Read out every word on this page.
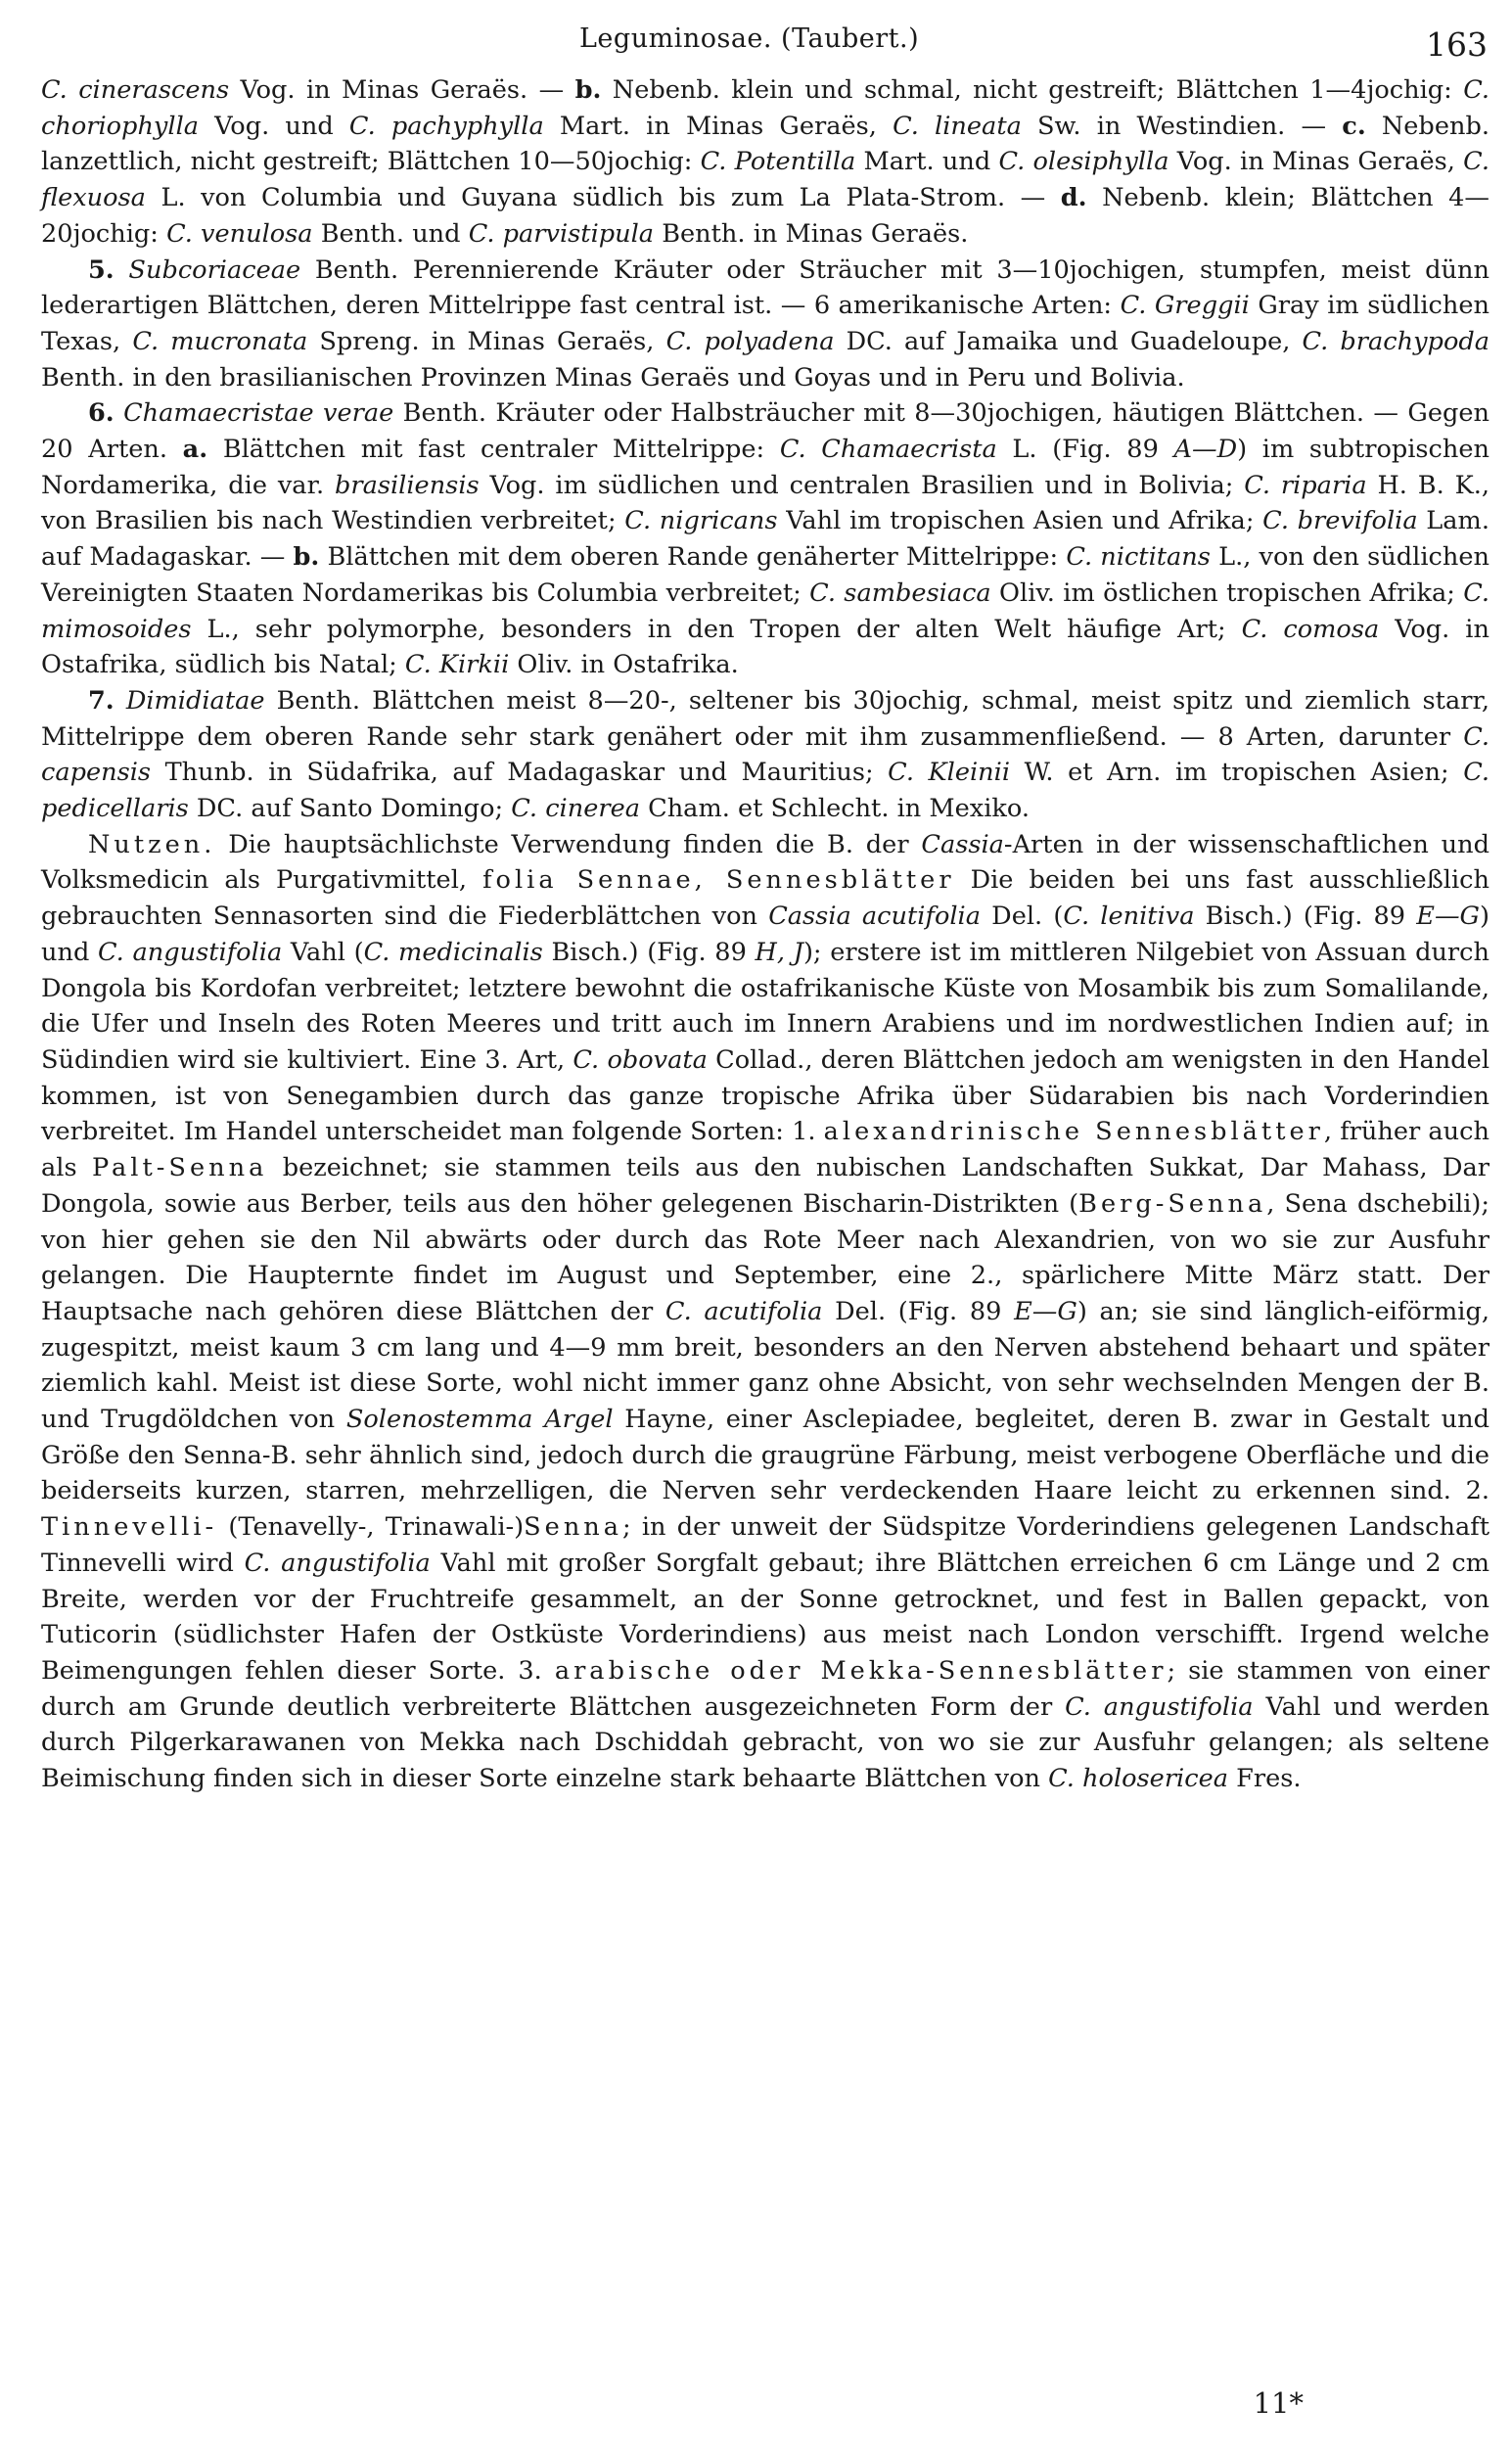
Leguminosae. (Taubert.)	163

C. cinerascens Vog. in Minas Geraës. — b. Nebenb. klein und schmal, nicht gestreift; Blättchen 1—4jochig: C. choriophylla Vog. und C. pachyphylla Mart. in Minas Geraës, C. lineata Sw. in Westindien. — c. Nebenb. lanzettlich, nicht gestreift; Blättchen 10—50jochig: C. Potentilla Mart. und C. olesiphylla Vog. in Minas Geraës, C. flexuosa L. von Columbia und Guyana südlich bis zum La Plata-Strom. — d. Nebenb. klein; Blättchen 4—20jochig: C. venulosa Benth. und C. parvistipula Benth. in Minas Geraës.

5. Subcoriaceae Benth. Perennierende Kräuter oder Sträucher mit 3—10jochigen, stumpfen, meist dünn lederartigen Blättchen, deren Mittelrippe fast central ist. — 6 amerikanische Arten: C. Greggii Gray im südlichen Texas, C. mucronata Spreng. in Minas Geraës, C. polyadena DC. auf Jamaika und Guadeloupe, C. brachypoda Benth. in den brasilianischen Provinzen Minas Geraës und Goyas und in Peru und Bolivia.

6. Chamaecristae verae Benth. Kräuter oder Halbsträucher mit 8—30jochigen, häutigen Blättchen. — Gegen 20 Arten. a. Blättchen mit fast centraler Mittelrippe: C. Chamaecrista L. (Fig. 89 A—D) im subtropischen Nordamerika, die var. brasiliensis Vog. im südlichen und centralen Brasilien und in Bolivia; C. riparia H. B. K., von Brasilien bis nach Westindien verbreitet; C. nigricans Vahl im tropischen Asien und Afrika; C. brevifolia Lam. auf Madagaskar. — b. Blättchen mit dem oberen Rande genäherter Mittelrippe: C. nictitans L., von den südlichen Vereinigten Staaten Nordamerikas bis Columbia verbreitet; C. sambesiaca Oliv. im östlichen tropischen Afrika; C. mimosoides L., sehr polymorphe, besonders in den Tropen der alten Welt häufige Art; C. comosa Vog. in Ostafrika, südlich bis Natal; C. Kirkii Oliv. in Ostafrika.

7. Dimidiatae Benth. Blättchen meist 8—20-, seltener bis 30jochig, schmal, meist spitz und ziemlich starr, Mittelrippe dem oberen Rande sehr stark genähert oder mit ihm zusammenfließend. — 8 Arten, darunter C. capensis Thunb. in Südafrika, auf Madagaskar und Mauritius; C. Kleinii W. et Arn. im tropischen Asien; C. pedicellaris DC. auf Santo Domingo; C. cinerea Cham. et Schlecht. in Mexiko.

Nutzen. Die hauptsächlichste Verwendung finden die B. der Cassia-Arten in der wissenschaftlichen und Volksmedicin als Purgativmittel, folia Sennae, Sennesblätter Die beiden bei uns fast ausschließlich gebrauchten Sennasorten sind die Fiederblättchen von Cassia acutifolia Del. (C. lenitiva Bisch.) (Fig. 89 E—G) und C. angustifolia Vahl (C. medicinalis Bisch.) (Fig. 89 H, J); erstere ist im mittleren Nilgebiet von Assuan durch Dongola bis Kordofan verbreitet; letztere bewohnt die ostafrikanische Küste von Mosambik bis zum Somalilande, die Ufer und Inseln des Roten Meeres und tritt auch im Innern Arabiens und im nordwestlichen Indien auf; in Südindien wird sie kultiviert. Eine 3. Art, C. obovata Collad., deren Blättchen jedoch am wenigsten in den Handel kommen, ist von Senegambien durch das ganze tropische Afrika über Südarabien bis nach Vorderindien verbreitet. Im Handel unterscheidet man folgende Sorten: 1. alexandrinische Sennesblätter, früher auch als Palt-Senna bezeichnet; sie stammen teils aus den nubischen Landschaften Sukkat, Dar Mahass, Dar Dongola, sowie aus Berber, teils aus den höher gelegenen Bischarin-Distrikten (Berg-Senna, Sena dschebili); von hier gehen sie den Nil abwärts oder durch das Rote Meer nach Alexandrien, von wo sie zur Ausfuhr gelangen. Die Haupternte findet im August und September, eine 2., spärlichere Mitte März statt. Der Hauptsache nach gehören diese Blättchen der C. acutifolia Del. (Fig. 89 E—G) an; sie sind länglich-eiförmig, zugespitzt, meist kaum 3 cm lang und 4—9 mm breit, besonders an den Nerven abstehend behaart und später ziemlich kahl. Meist ist diese Sorte, wohl nicht immer ganz ohne Absicht, von sehr wechselnden Mengen der B. und Trugdöldchen von Solenostemma Argel Hayne, einer Asclepiadee, begleitet, deren B. zwar in Gestalt und Größe den Senna-B. sehr ähnlich sind, jedoch durch die graugrüne Färbung, meist verbogene Oberfläche und die beiderseits kurzen, starren, mehrzelligen, die Nerven sehr verdeckenden Haare leicht zu erkennen sind. 2. Tinnevelli- (Tenavelly-, Trinawali-)Senna; in der unweit der Südspitze Vorderindiens gelegenen Landschaft Tinnevelli wird C. angustifolia Vahl mit großer Sorgfalt gebaut; ihre Blättchen erreichen 6 cm Länge und 2 cm Breite, werden vor der Fruchtreife gesammelt, an der Sonne getrocknet, und fest in Ballen gepackt, von Tuticorin (südlichster Hafen der Ostküste Vorderindiens) aus meist nach London verschifft. Irgend welche Beimengungen fehlen dieser Sorte. 3. arabische oder Mekka-Sennesblätter; sie stammen von einer durch am Grunde deutlich verbreiterte Blättchen ausgezeichneten Form der C. angustifolia Vahl und werden durch Pilgerkarawanen von Mekka nach Dschiddah gebracht, von wo sie zur Ausfuhr gelangen; als seltene Beimischung finden sich in dieser Sorte einzelne stark behaarte Blättchen von C. holosericea Fres.

11*
